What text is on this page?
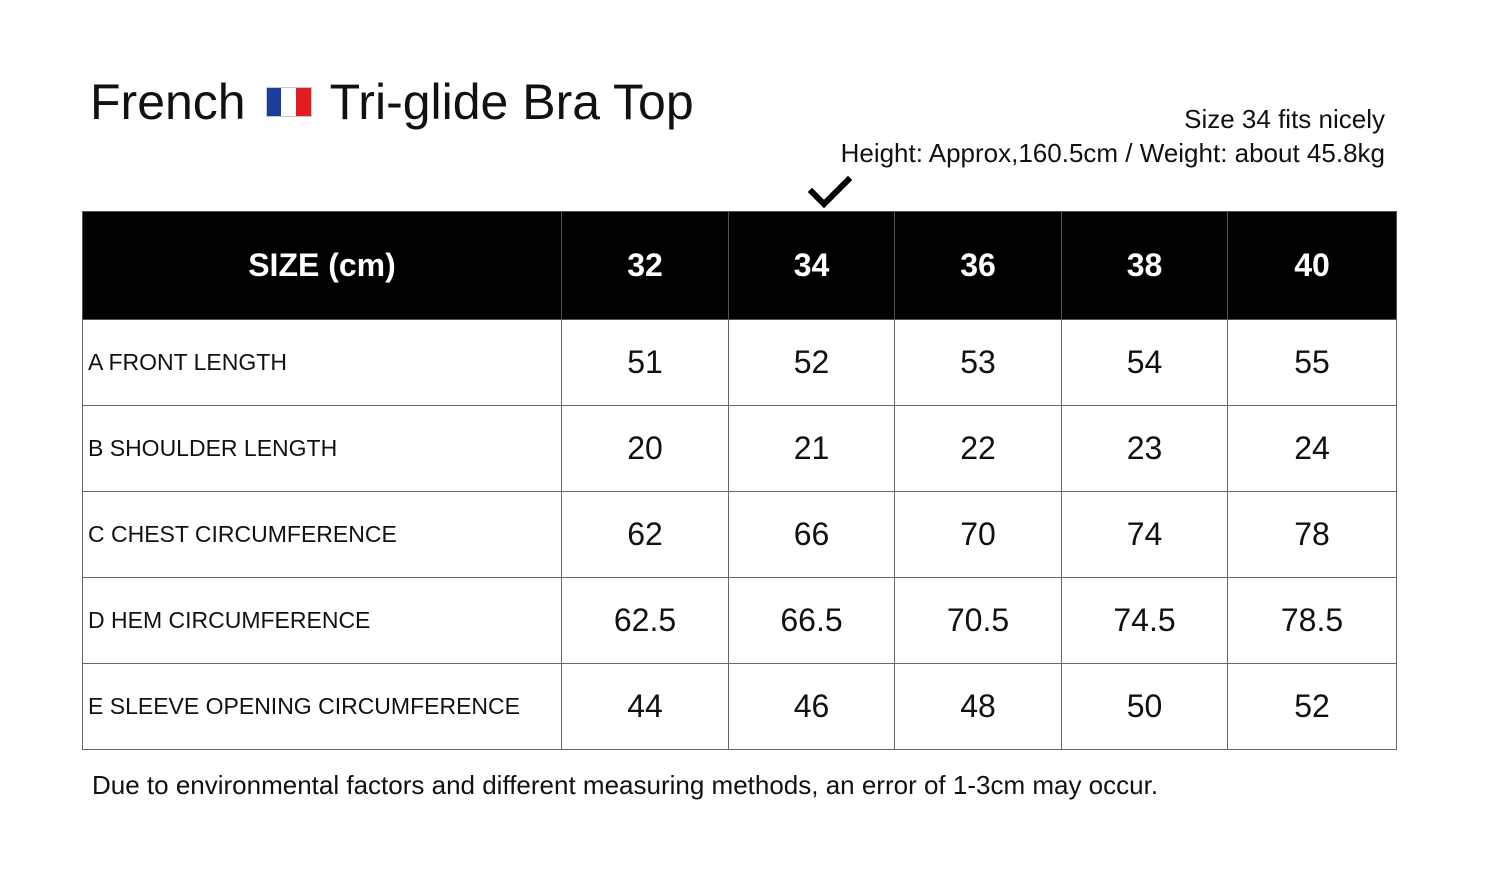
French Tri-glide Bra Top	Size 34 fits nicely
Height: Approx,160.5cm / Weight: about 45.8kg
SIZE (cm)	32	34	36	38	40
A FRONT LENGTH	51	52	53	54	55
B SHOULDER LENGTH	20	21	22	23	24
C CHEST CIRCUMFERENCE	62	66	70	74	78
D HEM CIRCUMFERENCE	62.5	66.5	70.5	74.5	78.5
E SLEEVE OPENING CIRCUMFERENCE	44	46	48	50	52
Due to environmental factors and different measuring methods, an error of 1-3cm may occur.
